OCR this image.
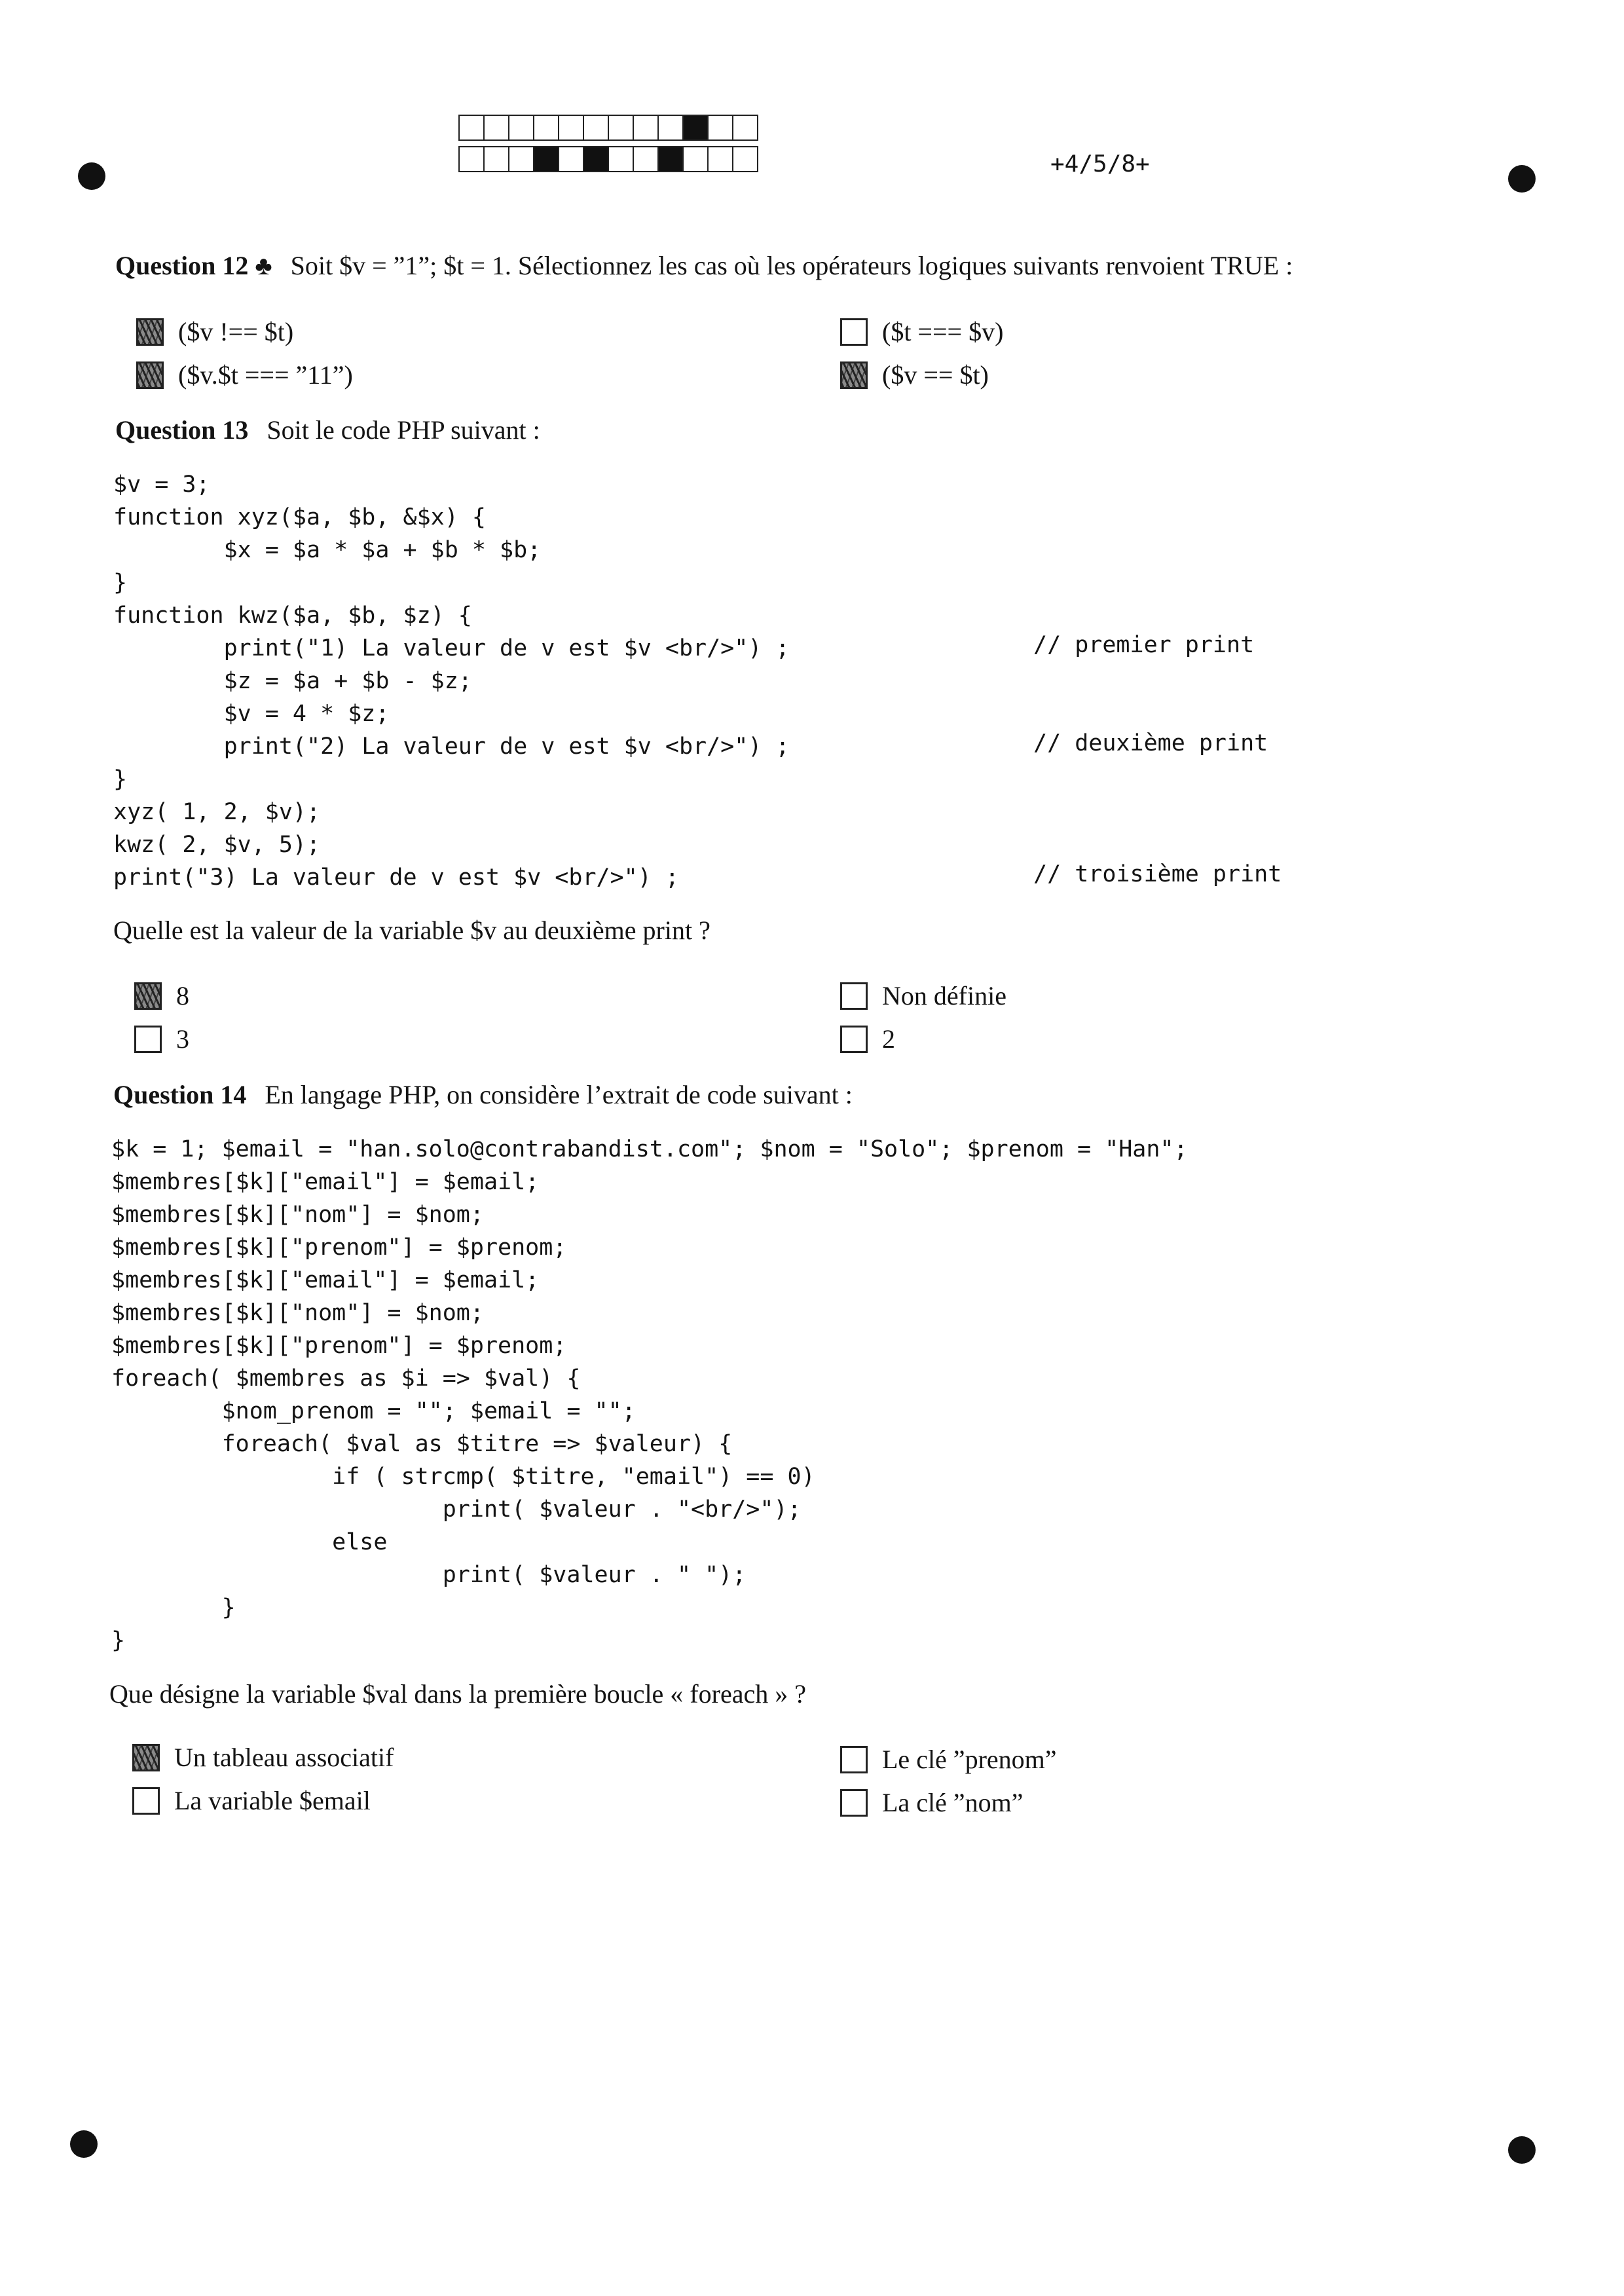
+4/5/8+
Question 12 ♣ Soit $v = ”1”; $t = 1. Sélectionnez les cas où les opérateurs logiques suivants renvoient TRUE :
($v !== $t)	($t === $v)
($v.$t === ”11”)	($v == $t)
Question 13 Soit le code PHP suivant :
$v = 3;
function xyz($a, $b, &$x) {
$x = $a * $a + $b * $b;
}
function kwz($a, $b, $z) {
print("1) La valeur de v est $v <br/>") ;
$z = $a + $b - $z;
$v = 4 * $z;
print("2) La valeur de v est $v <br/>") ;
}
xyz( 1, 2, $v);
kwz( 2, $v, 5);
print("3) La valeur de v est $v <br/>") ;
// premier print
// deuxième print
// troisième print
Quelle est la valeur de la variable $v au deuxième print ?
8	Non définie
3	2
Question 14 En langage PHP, on considère l’extrait de code suivant :
$k = 1; $email = "han.solo@contrabandist.com"; $nom = "Solo"; $prenom = "Han";
$membres[$k]["email"] = $email;
$membres[$k]["nom"] = $nom;
$membres[$k]["prenom"] = $prenom;
$membres[$k]["email"] = $email;
$membres[$k]["nom"] = $nom;
$membres[$k]["prenom"] = $prenom;
foreach( $membres as $i => $val) {
$nom_prenom = ""; $email = "";
foreach( $val as $titre => $valeur) {
if ( strcmp( $titre, "email") == 0)
print( $valeur . "<br/>");
else
print( $valeur . " ");
}
}
Que désigne la variable $val dans la première boucle « foreach » ?
Un tableau associatif	Le clé ”prenom”
La variable $email	La clé ”nom”
